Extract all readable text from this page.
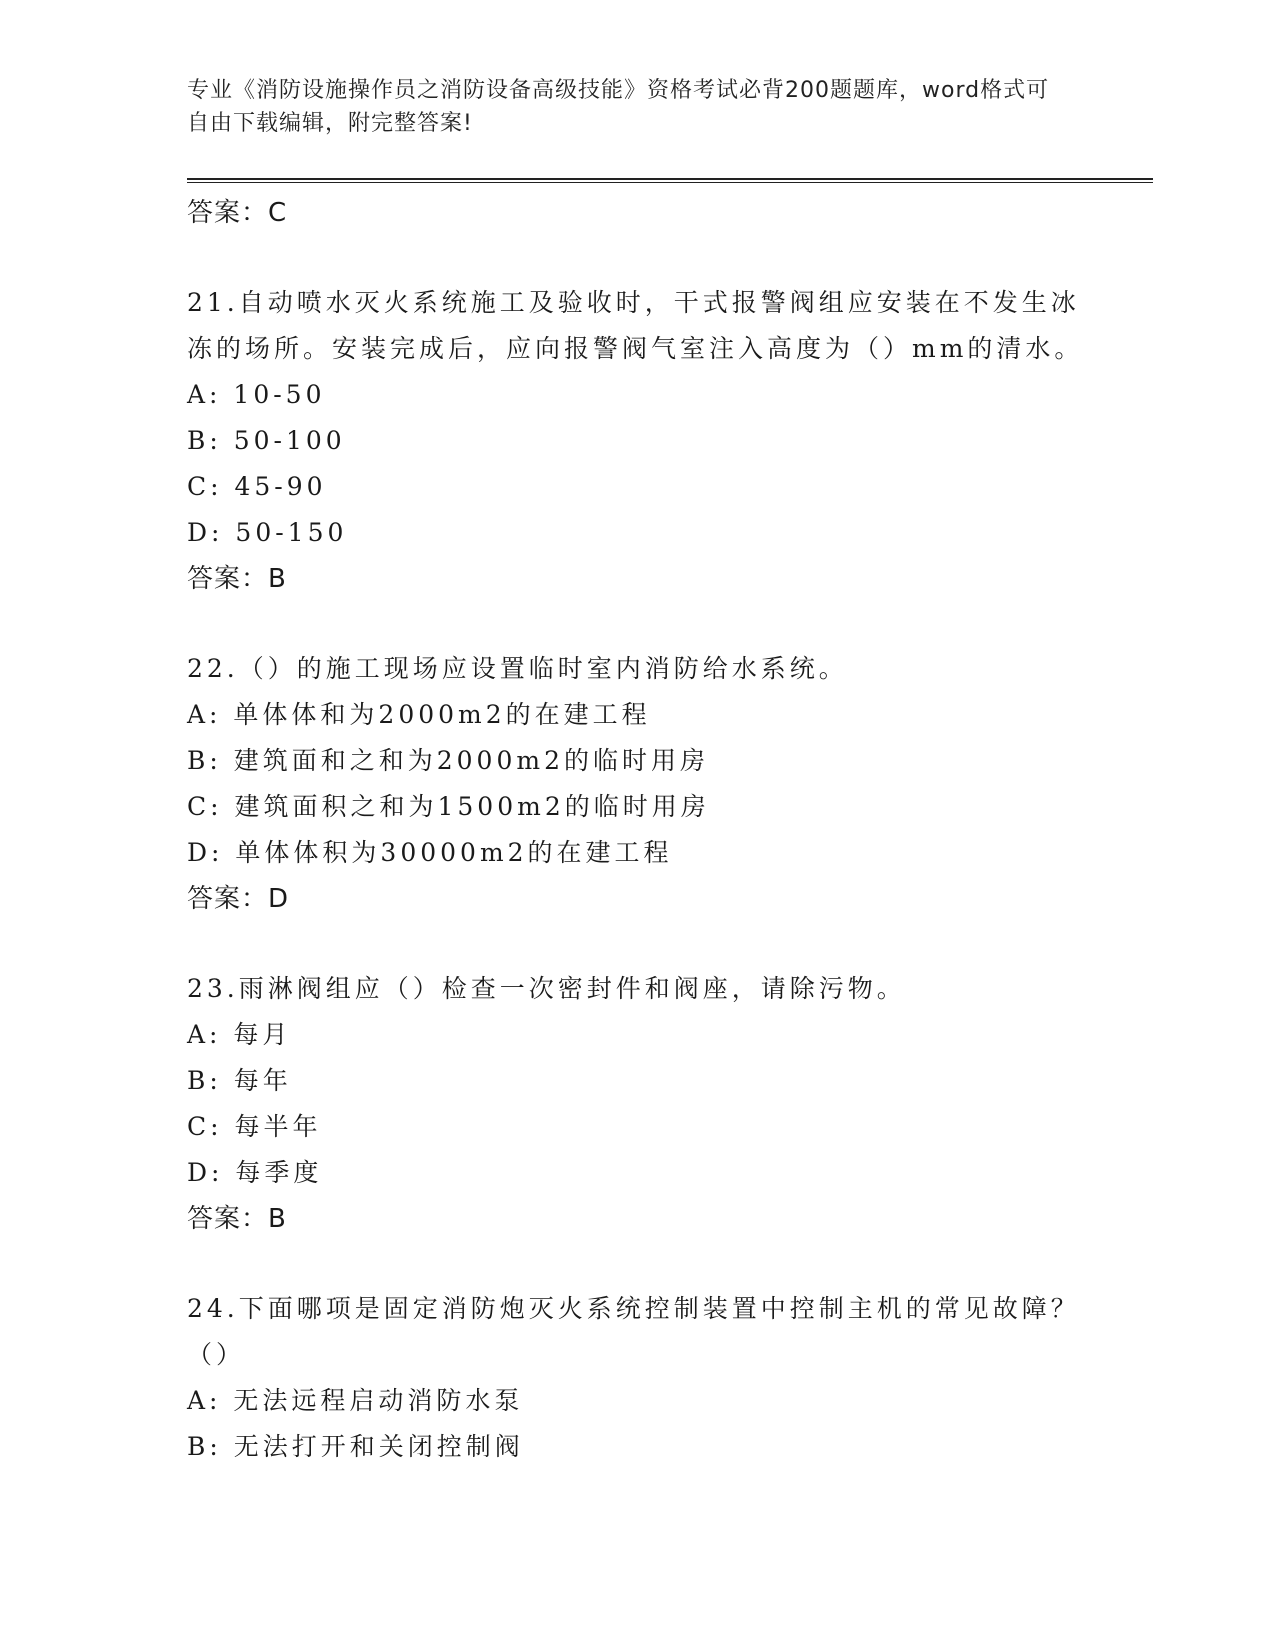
专业《消防设施操作员之消防设备高级技能》资格考试必背200题题库，word格式可自由下载编辑，附完整答案!
答案：C
21.自动喷水灭火系统施工及验收时，干式报警阀组应安装在不发生冰
冻的场所。安装完成后，应向报警阀气室注入高度为（）mm的清水。
A: 10-50
B: 50-100
C: 45-90
D: 50-150
答案：B
22.（）的施工现场应设置临时室内消防给水系统。
A: 单体体和为2000m2的在建工程
B: 建筑面和之和为2000m2的临时用房
C: 建筑面积之和为1500m2的临时用房
D: 单体体积为30000m2的在建工程
答案：D
23.雨淋阀组应（）检查一次密封件和阀座，请除污物。
A: 每月
B: 每年
C: 每半年
D: 每季度
答案：B
24.下面哪项是固定消防炮灭火系统控制装置中控制主机的常见故障？
（）
A: 无法远程启动消防水泵
B: 无法打开和关闭控制阀
